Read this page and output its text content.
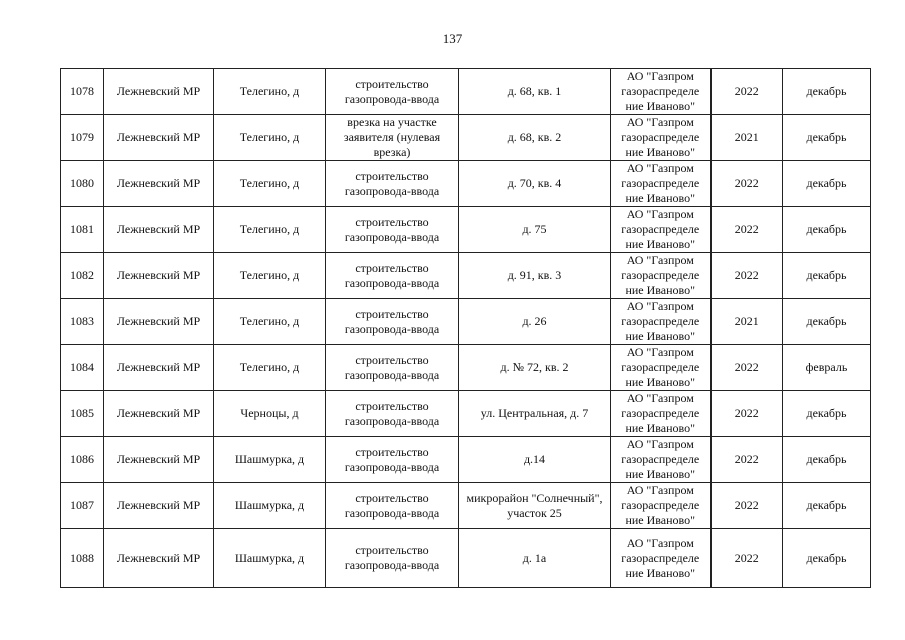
137
1078	Лежневский МР	Телегино, д	строительство газопровода-ввода	д. 68, кв. 1	АО "Газпром газораспределе ние Иваново"	2022	декабрь
1079	Лежневский МР	Телегино, д	врезка на участке заявителя (нулевая врезка)	д. 68, кв. 2	АО "Газпром газораспределе ние Иваново"	2021	декабрь
1080	Лежневский МР	Телегино, д	строительство газопровода-ввода	д. 70, кв. 4	АО "Газпром газораспределе ние Иваново"	2022	декабрь
1081	Лежневский МР	Телегино, д	строительство газопровода-ввода	д. 75	АО "Газпром газораспределе ние Иваново"	2022	декабрь
1082	Лежневский МР	Телегино, д	строительство газопровода-ввода	д. 91, кв. 3	АО "Газпром газораспределе ние Иваново"	2022	декабрь
1083	Лежневский МР	Телегино, д	строительство газопровода-ввода	д. 26	АО "Газпром газораспределе ние Иваново"	2021	декабрь
1084	Лежневский МР	Телегино, д	строительство газопровода-ввода	д. № 72, кв. 2	АО "Газпром газораспределе ние Иваново"	2022	февраль
1085	Лежневский МР	Черноцы, д	строительство газопровода-ввода	ул. Центральная, д. 7	АО "Газпром газораспределе ние Иваново"	2022	декабрь
1086	Лежневский МР	Шашмурка, д	строительство газопровода-ввода	д.14	АО "Газпром газораспределе ние Иваново"	2022	декабрь
1087	Лежневский МР	Шашмурка, д	строительство газопровода-ввода	микрорайон "Солнечный", участок 25	АО "Газпром газораспределе ние Иваново"	2022	декабрь
1088	Лежневский МР	Шашмурка, д	строительство газопровода-ввода	д. 1а	АО "Газпром газораспределе ние Иваново"	2022	декабрь
